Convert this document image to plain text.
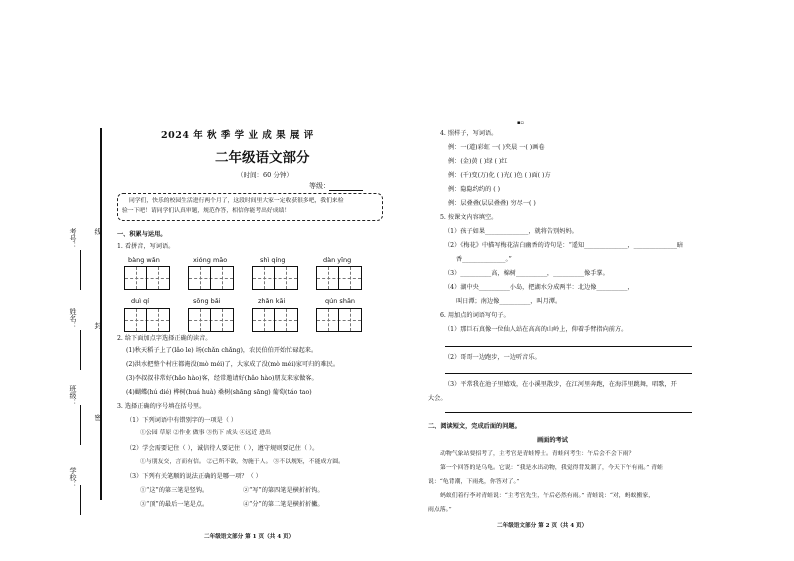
考号： 线
姓名： 封
班级：
密
学校：
2024 年 秋 季 学 业 成 果 展 评
二年级语文部分
（时间：60 分钟）
等级：
同学们，快乐的校园生活进行两个月了，这段时间里大家一定收获很多吧，我们来检
验一下吧！请同学们认真审题，规范作答，相信你能考出好成绩！
一、积累与运用。
1. 看拼音，写词语。
bàng wǎn	xióng māo	shì qíng	dàn yīng
duì qí	sōng bǎi	zhǎn kāi	qún shān
2. 给下面加点字选择正确的读音。
(1)秋天稻子上了(lǎo le) 场(chǎn chǎng)，农民伯伯开始忙碌起来。
(2)洪水把整个村庄都淹没(mò méi)了，大家成了没(mò méi)家可归的难民。
(3)李叔叔非常好(hǎo hào)客，经常邀请好(hǎo hào)朋友来家做客。
(4)蝴蝶(hú dié) 桦树(huá huà) 桑树(shāng sāng) 葡萄(táo tao)
3. 选择正确的序号填在括号里。
（1）下列词语中有错别字的一项是（ ）
①公园 草原 ②作业 做事 ③伤下 成头 ④远近 进出
（2）学会需要记住（ ），诚信待人要记住（ ），遵守规则要记住（ ）。
①与朋友交，言而有信。 ②己所不欲，勿施于人。 ③不以规矩，不能成方圆。
（3）下列有关笔顺的说法正确的是哪一项？（ ）
①“这”的第三笔是竖钩。	②“写”的第四笔是横折折钩。
③“顶”的最后一笔是点。	④“分”的第二笔是横折折撇。
二年级语文部分 第 1 页（共 4 页）
▪▫
4. 照样子，写词语。
例：一(道)彩虹 一( )夹晨 一( )画卷
例：(金)黄 ( )绿 ( )红
例：(千)变(万)化 ( )光( )色 ( )面( )方
例：隐隐约约的 ( )
例：层叠叠(层层叠叠) 穷尽一( )
5. 按课文内容填空。
（1）孩子如果______________，就将告别妈妈。
（2）《梅花》中描写梅花洁白幽香的诗句是：“遥知______________，______________暗
香______________。”
（3）__________高，棉树__________，__________像手掌。
（4）湖中央__________小岛，把湖水分成两半：北边像__________，
叫日潭；南边像__________，叫月潭。
6. 用加点的词语写句子。
（1）那巨石真像一位仙人站在高高的山岭上，仰着手臂指向前方。
（2）哥哥一边跑步，一边听音乐。
（3）平常我在池子里嬉戏，在小溪里散步，在江河里奔跑，在海洋里跳舞，唱歌，开
大会。
二、阅读短文，完成后面的问题。
画面的考试
动物气象站要招考了，主考官是青蛙博士。青蛙问考生：午后会不会下雨？
第一个回答的是乌龟。它说：“我是水出动物，我觉得背发潮了，今天下午有雨。” 青蛙
说：“龟背潮，下雨兆，你答对了。”
蚂蚁们着行李对青蛙说：“主考官先生，午后必然有雨。” 青蛙说：“对，蚂蚁搬家，
雨点落。”
二年级语文部分 第 2 页（共 4 页）
